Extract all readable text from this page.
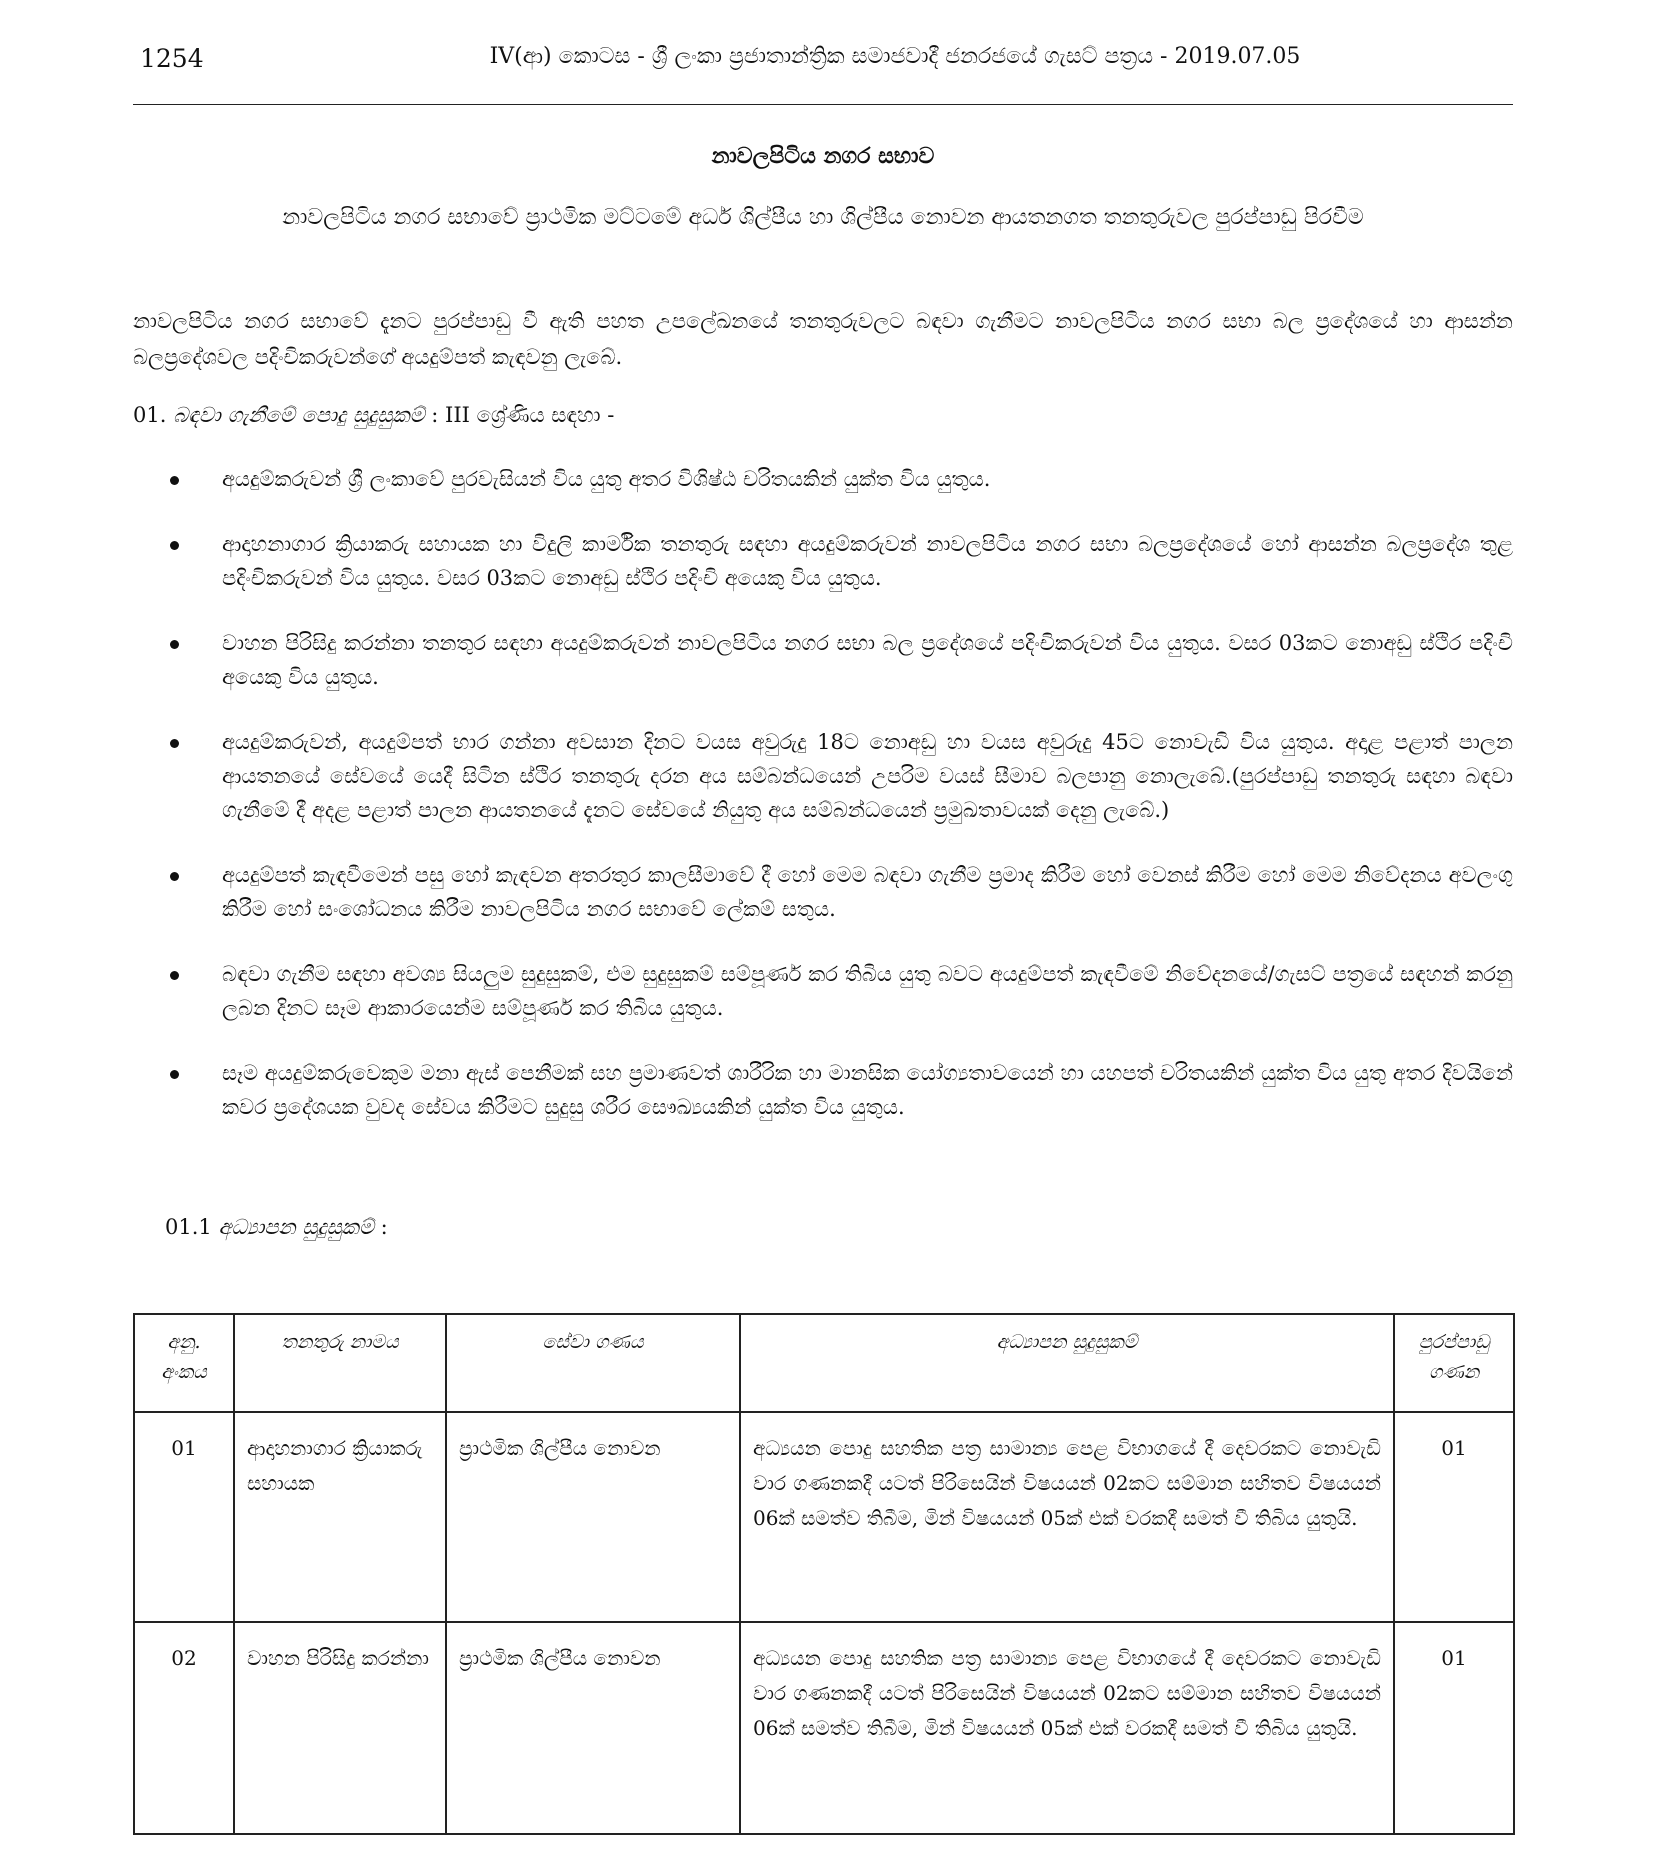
1254	IV(ආ) කොටස - ශ්‍රී ලංකා ප්‍රජාතාන්ත්‍රික සමාජවාදී ජනරජයේ ගැසට් පත්‍රය - 2019.07.05
නාවලපිටිය නගර සභාව
නාවලපිටිය නගර සභාවේ ප්‍රාථමික මට්ටමේ අර්ධ ශිල්පීය හා ශිල්පීය නොවන ආයතනගත තනතුරුවල පුරප්පාඩු පිරවීම
නාවලපිටිය නගර සභාවේ දැනට පුරප්පාඩු වී ඇති පහත උපලේඛනයේ තනතුරුවලට බඳවා ගැනීමට නාවලපිටිය නගර සභා බල ප්‍රදේශයේ හා ආසන්න බලප්‍රදේශවල පදිංචිකරුවන්ගේ අයදුම්පත් කැඳවනු ලැබේ.
01. බඳවා ගැනීමේ පොදු සුදුසුකම් : III ශ්‍රේණිය සඳහා -
අයදුම්කරුවන් ශ්‍රී ලංකාවේ පුරවැසියන් විය යුතු අතර විශිෂ්ඨ චරිතයකින් යුක්ත විය යුතුය.
ආදාහනාගාර ක්‍රියාකරු සහායක හා විදුලි කාර්මික තනතුරු සඳහා අයදුම්කරුවන් නාවලපිටිය නගර සභා බලප්‍රදේශයේ හෝ ආසන්න බලප්‍රදේශ තුළ පදිංචිකරුවන් විය යුතුය. වසර 03කට නොඅඩු ස්ථිර පදිංචි අයෙකු විය යුතුය.
වාහන පිරිසිදු කරන්නා තනතුර සඳහා අයදුම්කරුවන් නාවලපිටිය නගර සභා බල ප්‍රදේශයේ පදිංචිකරුවන් විය යුතුය. වසර 03කට නොඅඩු ස්ථිර පදිංචි අයෙකු විය යුතුය.
අයදුම්කරුවන්, අයදුම්පත් භාර ගන්නා අවසාන දිනට වයස අවුරුදු 18ට නොඅඩු හා වයස අවුරුදු 45ට නොවැඩි විය යුතුය. අදාළ පළාත් පාලන ආයතනයේ සේවයේ යෙදී සිටින ස්ථිර තනතුරු දරන අය සම්බන්ධයෙන් උපරිම වයස් සීමාව බලපානු නොලැබේ.(පුරප්පාඩු තනතුරු සඳහා බඳවා ගැනීමේ දී අදළ පළාත් පාලන ආයතනයේ දැනට සේවයේ නියුතු අය සම්බන්ධයෙන් ප්‍රමුඛතාවයක් දෙනු ලැබේ.)
අයදුම්පත් කැඳවීමෙන් පසු හෝ කැඳවන අතරතුර කාලසීමාවේ දී හෝ මෙම බඳවා ගැනීම ප්‍රමාද කිරීම හෝ වෙනස් කිරීම හෝ මෙම නිවේදනය අවලංගු කිරීම හෝ සංශෝධනය කිරීම නාවලපිටිය නගර සභාවේ ලේකම් සතුය.
බඳවා ගැනීම සඳහා අවශ්‍ය සියලුම සුදුසුකම්, එම සුදුසුකම් සම්පූර්ණ කර තිබිය යුතු බවට අයදුම්පත් කැඳවීමේ නිවේදනයේ/ගැසට් පත්‍රයේ සඳහන් කරනු ලබන දිනට සෑම ආකාරයෙන්ම සම්පූර්ණ කර තිබිය යුතුය.
සෑම අයදුම්කරුවෙකුම මනා ඇස් පෙනීමක් සහ ප්‍රමාණවත් ශාරීරික හා මානසික යෝග්‍යතාවයෙන් හා යහපත් චරිතයකින් යුක්ත විය යුතු අතර දිවයිනේ කවර ප්‍රදේශයක වුවද සේවය කිරීමට සුදුසු ශරීර සෞඛ්‍යයකින් යුක්ත විය යුතුය.
01.1 අධ්‍යාපන සුදුසුකම් :
අනු. අංකය	තනතුරු නාමය	සේවා ගණය	අධ්‍යාපන සුදුසුකම්	පුරප්පාඩු ගණන
01	ආදාහනාගාර ක්‍රියාකරු සහායක	ප්‍රාථමික ශිල්පීය නොවන	අධ්‍යයන පොදු සහතික පත්‍ර සාමාන්‍ය පෙළ විභාගයේ දී දෙවරකට නොවැඩි වාර ගණනකදී යටත් පිරිසෙයින් විෂයයන් 02කට සම්මාන සහිතව විෂයයන් 06ක් සමත්ව තිබීම, මින් විෂයයන් 05ක් එක් වරකදී සමත් වී තිබිය යුතුයි.	01
02	වාහන පිරිසිදු කරන්නා	ප්‍රාථමික ශිල්පීය නොවන	අධ්‍යයන පොදු සහතික පත්‍ර සාමාන්‍ය පෙළ විභාගයේ දී දෙවරකට නොවැඩි වාර ගණනකදී යටත් පිරිසෙයින් විෂයයන් 02කට සම්මාන සහිතව විෂයයන් 06ක් සමත්ව තිබීම, මින් විෂයයන් 05ක් එක් වරකදී සමත් වී තිබිය යුතුයි.	01
